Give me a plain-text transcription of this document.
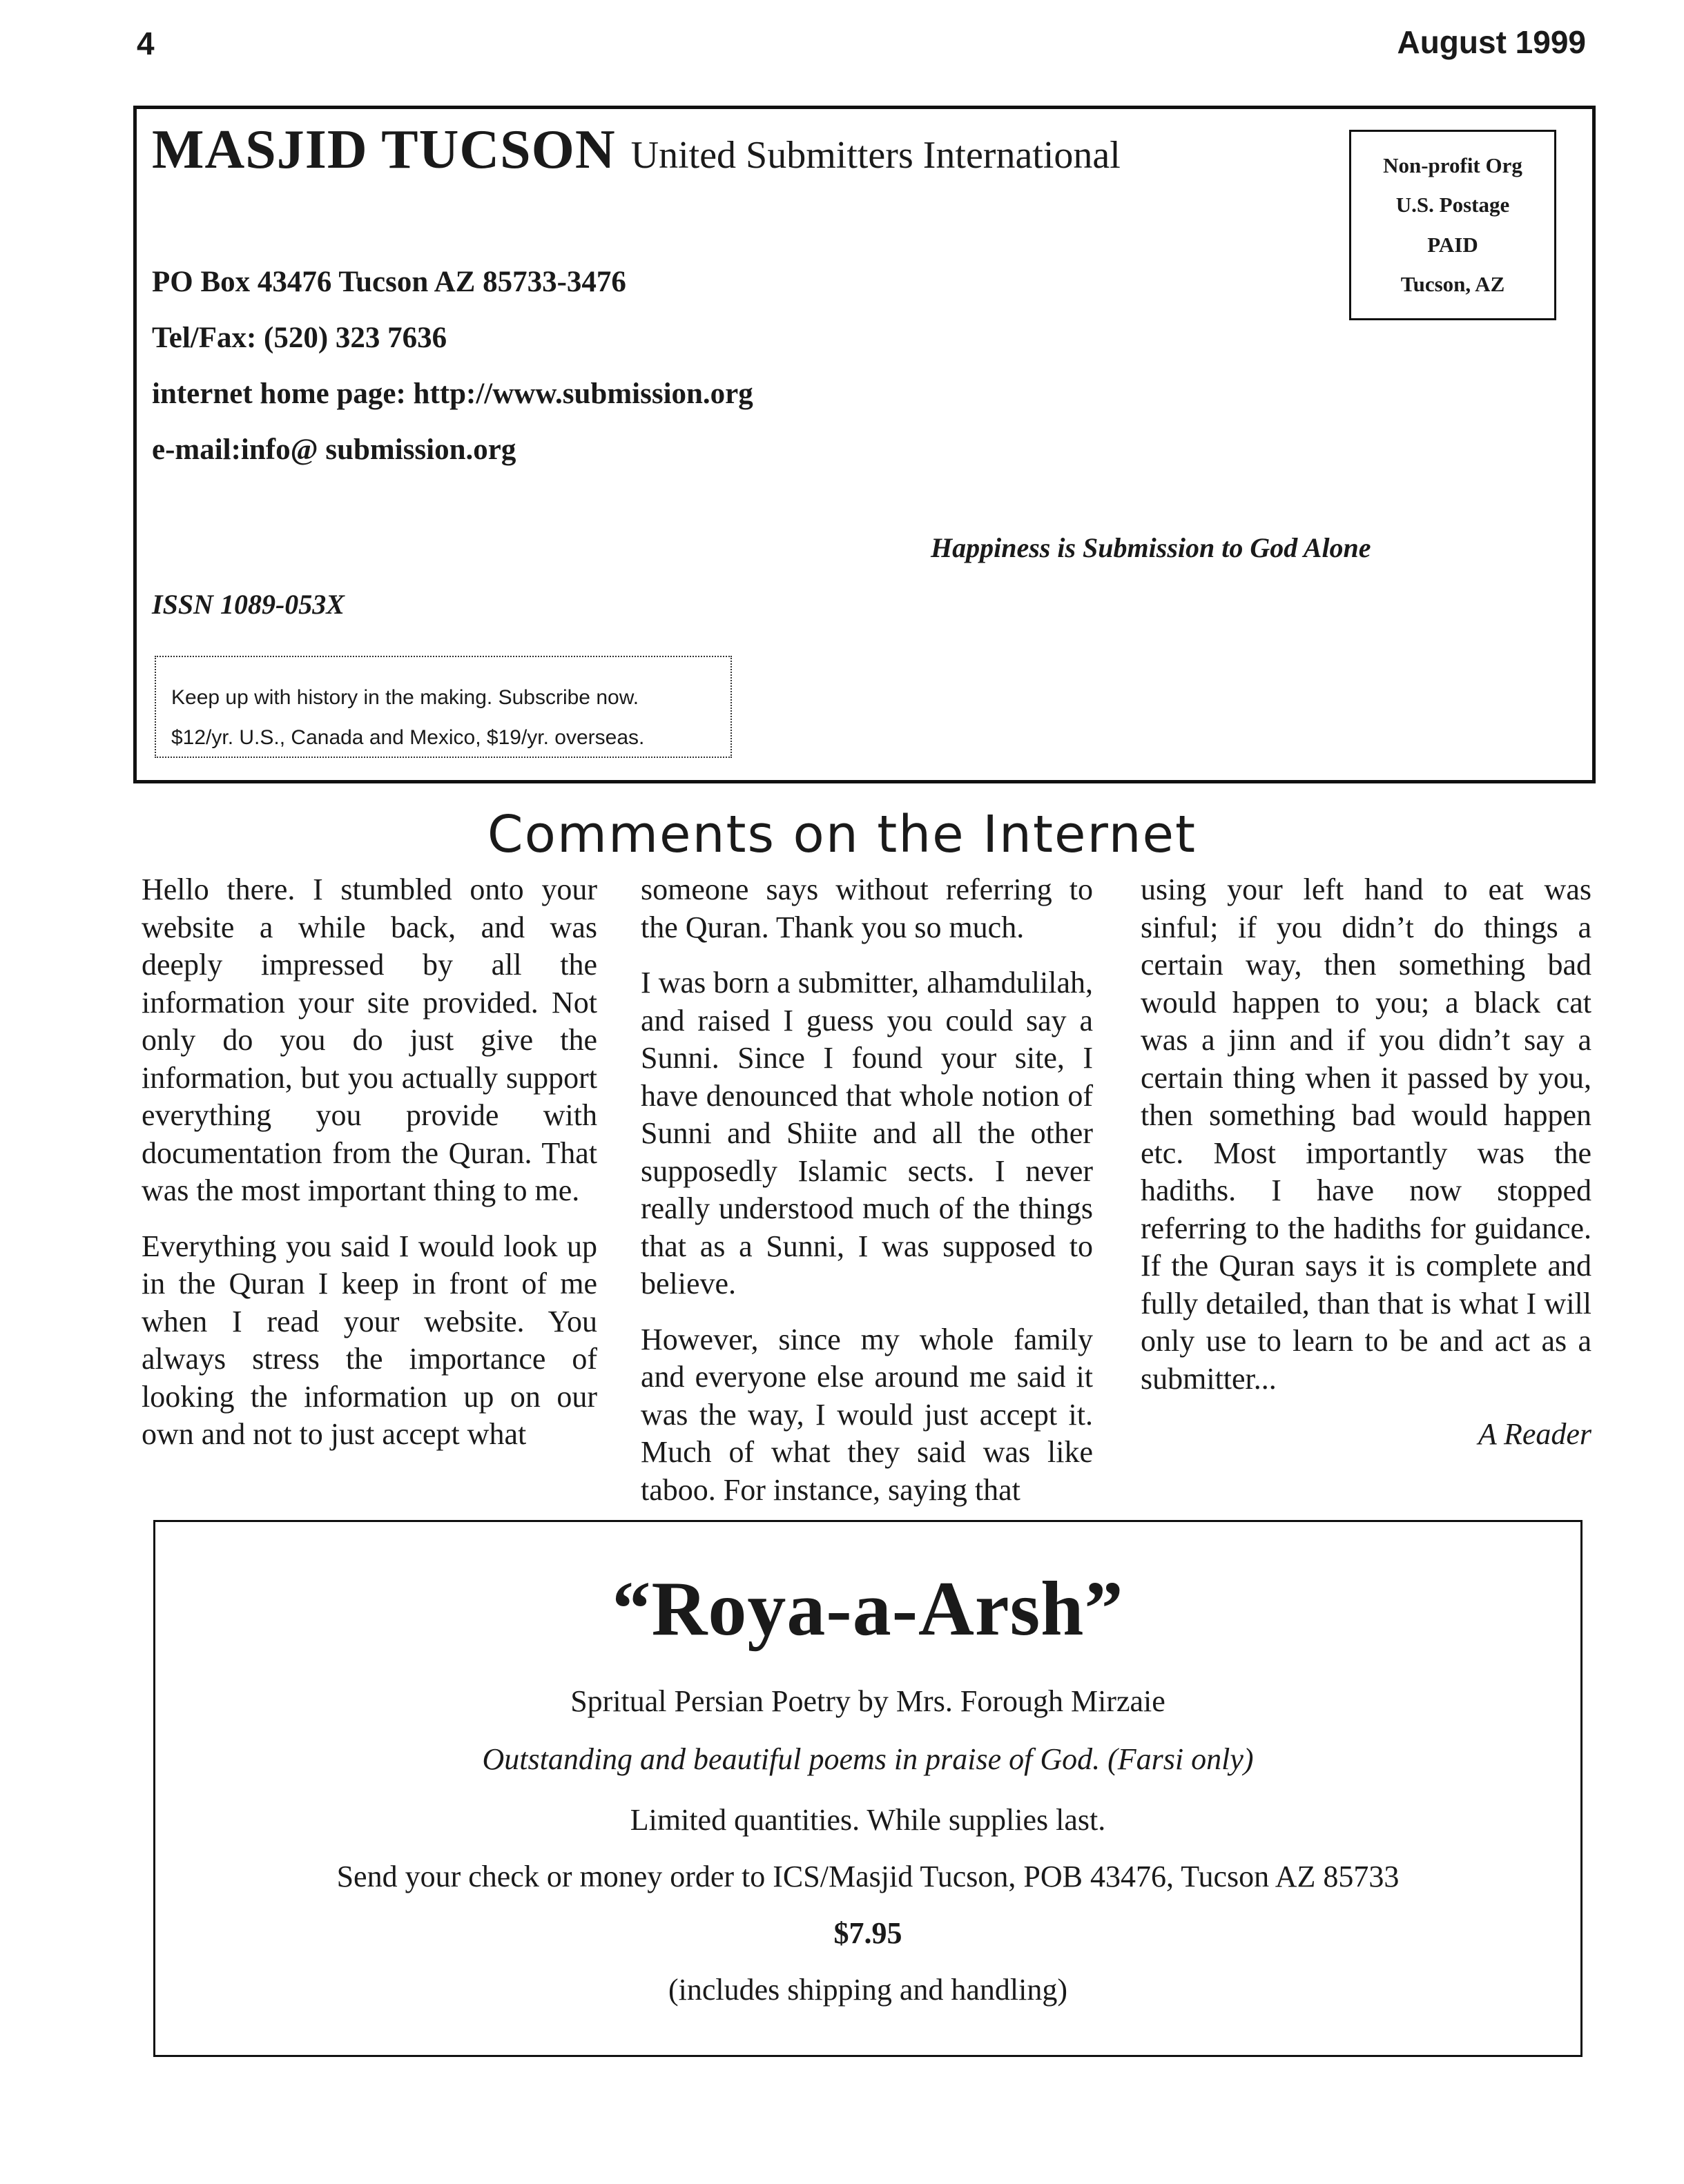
4	August 1999
MASJID TUCSON United Submitters International	Non-profit Org
U.S. Postage
PAID
Tucson, AZ
PO Box 43476 Tucson AZ 85733-3476
Tel/Fax: (520) 323 7636
internet home page: http://www.submission.org
e-mail:info@ submission.org
Happiness is Submission to God Alone
ISSN 1089-053X
Keep up with history in the making. Subscribe now.
$12/yr. U.S., Canada and Mexico, $19/yr. overseas.
Comments on the Internet

Hello there. I stumbled onto your website a while back, and was deeply impressed by all the information your site provided. Not only do you do just give the information, but you actually support everything you provide with documentation from the Quran. That was the most important thing to me.

Everything you said I would look up in the Quran I keep in front of me when I read your website. You always stress the importance of looking the information up on our own and not to just accept what

someone says without referring to the Quran. Thank you so much.

I was born a submitter, alhamdulilah, and raised I guess you could say a Sunni. Since I found your site, I have denounced that whole notion of Sunni and Shiite and all the other supposedly Islamic sects. I never really understood much of the things that as a Sunni, I was supposed to believe.

However, since my whole family and everyone else around me said it was the way, I would just accept it. Much of what they said was like taboo. For instance, saying that

using your left hand to eat was sinful; if you didn’t do things a certain way, then something bad would happen to you; a black cat was a jinn and if you didn’t say a certain thing when it passed by you, then something bad would happen etc. Most importantly was the hadiths. I have now stopped referring to the hadiths for guidance. If the Quran says it is complete and fully detailed, than that is what I will only use to learn to be and act as a submitter...

A Reader
“Roya-a-Arsh”
Spritual Persian Poetry by Mrs. Forough Mirzaie
Outstanding and beautiful poems in praise of God. (Farsi only)
Limited quantities. While supplies last.
Send your check or money order to ICS/Masjid Tucson, POB 43476, Tucson AZ 85733
$7.95
(includes shipping and handling)
